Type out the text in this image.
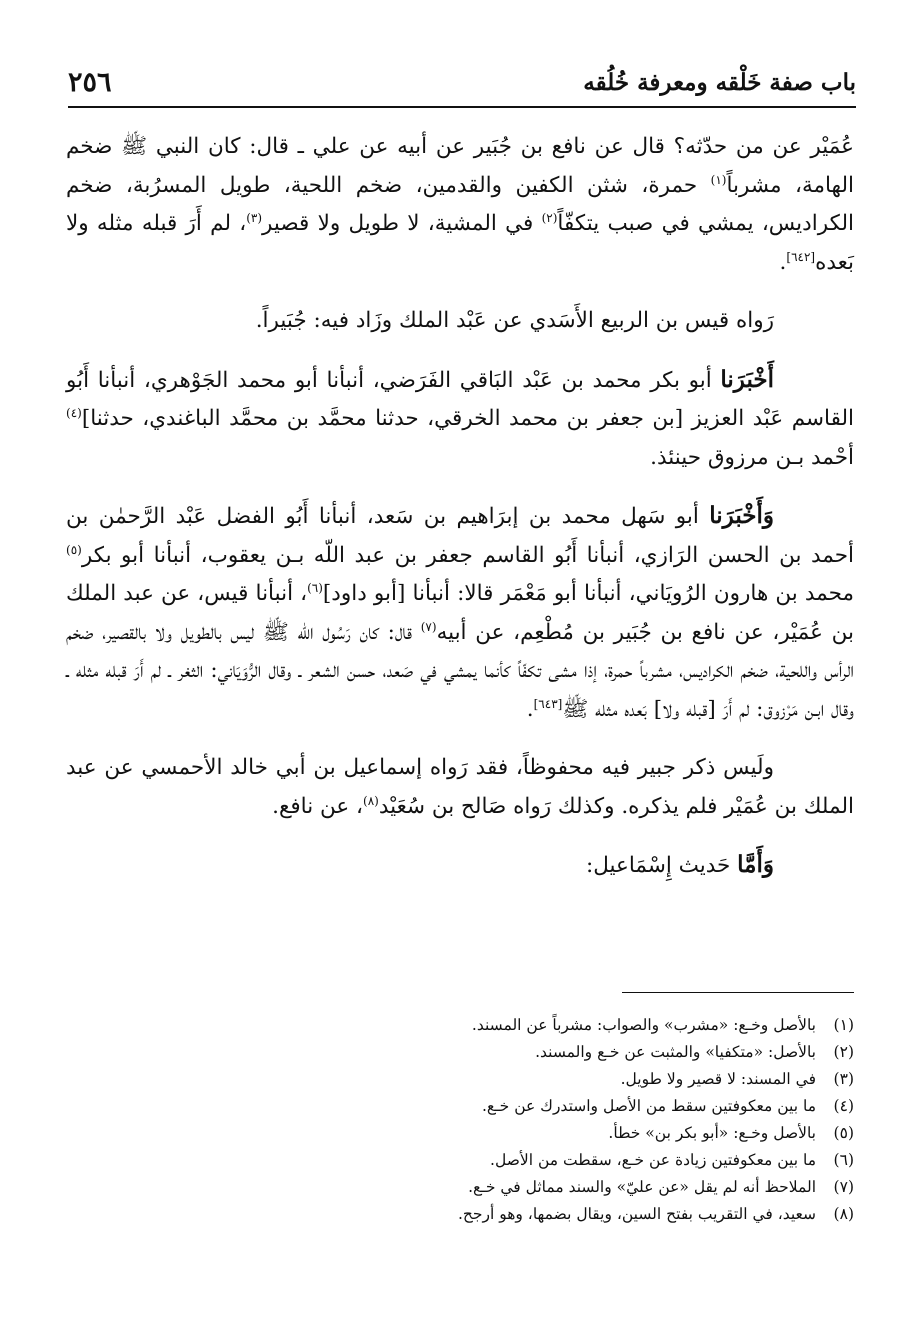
باب صفة خَلْقه ومعرفة خُلُقه
٢٥٦

عُمَيْر عن من حدّثه؟ قال عن نافع بن جُبَير عن أبيه عن علي ـ قال: كان النبي ﷺ ضخم الهامة، مشرباً$^{(١)}$ حمرة، شثن الكفين والقدمين، ضخم اللحية، طويل المسرُبة، ضخم الكراديس، يمشي في صبب يتكفّاً$^{(٢)}$ في المشية، لا طويل ولا قصير$^{(٣)}$، لم أَرَ قبله مثله ولا بَعده[٦٤٢].

رَواه قيس بن الربيع الأَسَدي عن عَبْد الملك وزَاد فيه: جُبَيراً.

أَخْبَرَنا أبو بكر محمد بن عَبْد البَاقي الفَرَضي، أنبأنا أبو محمد الجَوْهري، أنبأنا أَبُو القاسم عَبْد العزيز [بن جعفر بن محمد الخرقي، حدثنا محمَّد بن محمَّد الباغندي، حدثنا]$^{(٤)}$ أحْمد بـن مرزوق حينئذ.

وَأَخْبَرَنا أبو سَهل محمد بن إبرَاهيم بن سَعد، أنبأنا أَبُو الفضل عَبْد الرَّحمٰن بن أحمد بن الحسن الرَازي، أنبأنا أَبُو القاسم جعفر بن عبد اللّه بـن يعقوب، أنبأنا أبو بكر$^{(٥)}$ محمد بن هارون الرُويَاني، أنبأنا أبو مَعْمَر قالا: أنبأنا [أبو داود]$^{(٦)}$، أنبأنا قيس، عن عبد الملك بن عُمَيْر، عن نافع بن جُبَير بن مُطْعِم، عن أبيه$^{(٧)}$ قال: كان رَسُول الله ﷺ ليس بالطويل ولا بالقصير، ضخم الرأس واللحية، ضخم الكراديس، مشرباً حمرة، إذا مشى تكفّاً كأنما يمشي في صَعد، حسن الشعر ـ وقال الرُّوَيَاني: الثغر ـ لم أَرَ قبله مثله ـ وقال ابـن مَرْزوق: لم أَرَ [قبله ولا] بَعده مثله ﷺ[٦٤٣].

ولَيس ذكر جبير فيه محفوظاً، فقد رَواه إسماعيل بن أبي خالد الأحمسي عن عبد الملك بن عُمَيْر فلم يذكره. وكذلك رَواه صَالح بن سُعَيْد$^{(٨)}$، عن نافع.

وَأَمَّا حَديث إِسْمَاعيل:

(١)
بالأصل وخـع: «مشرب» والصواب: مشرباً عن المسند.

(٢)
بالأصل: «متكفيا» والمثبت عن خـع والمسند.

(٣)
في المسند: لا قصير ولا طويل.

(٤)
ما بين معكوفتين سقط من الأصل واستدرك عن خـع.

(٥)
بالأصل وخـع: «أبو بكر بن» خطأ.

(٦)
ما بين معكوفتين زيادة عن خـع، سقطت من الأصل.

(٧)
الملاحظ أنه لم يقل «عن عليّ» والسند مماثل في خـع.

(٨)
سعيد، في التقريب بفتح السين، ويقال بضمها، وهو أرجح.
